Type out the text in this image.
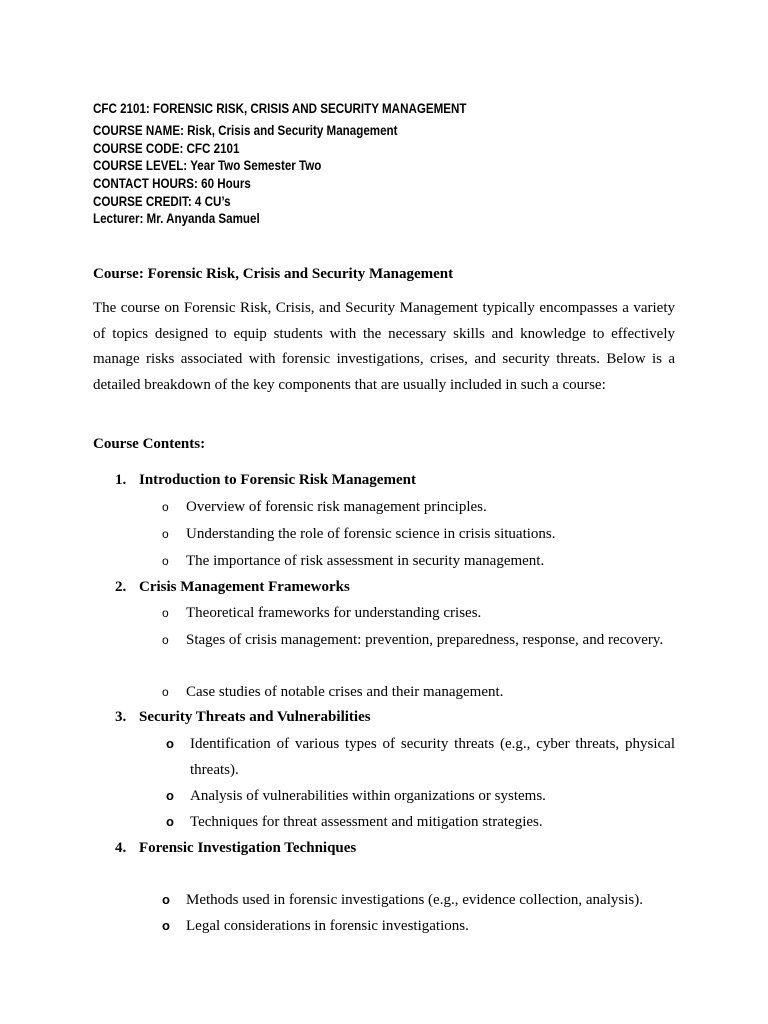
CFC 2101: FORENSIC RISK, CRISIS AND SECURITY MANAGEMENT
COURSE NAME: Risk, Crisis and Security Management
COURSE CODE: CFC 2101
COURSE LEVEL: Year Two Semester Two
CONTACT HOURS: 60 Hours
COURSE CREDIT: 4 CU’s
Lecturer: Mr. Anyanda Samuel
Course: Forensic Risk, Crisis and Security Management

The course on Forensic Risk, Crisis, and Security Management typically encompasses a variety of topics designed to equip students with the necessary skills and knowledge to effectively manage risks associated with forensic investigations, crises, and security threats. Below is a detailed breakdown of the key components that are usually included in such a course:

Course Contents:
1. Introduction to Forensic Risk Management
o Overview of forensic risk management principles.
o Understanding the role of forensic science in crisis situations.
o The importance of risk assessment in security management.
2. Crisis Management Frameworks
o Theoretical frameworks for understanding crises.
o Stages of crisis management: prevention, preparedness, response, and recovery.
o Case studies of notable crises and their management.
3. Security Threats and Vulnerabilities
o Identification of various types of security threats (e.g., cyber threats, physical threats).
o Analysis of vulnerabilities within organizations or systems.
o Techniques for threat assessment and mitigation strategies.
4. Forensic Investigation Techniques
o Methods used in forensic investigations (e.g., evidence collection, analysis).
o Legal considerations in forensic investigations.
